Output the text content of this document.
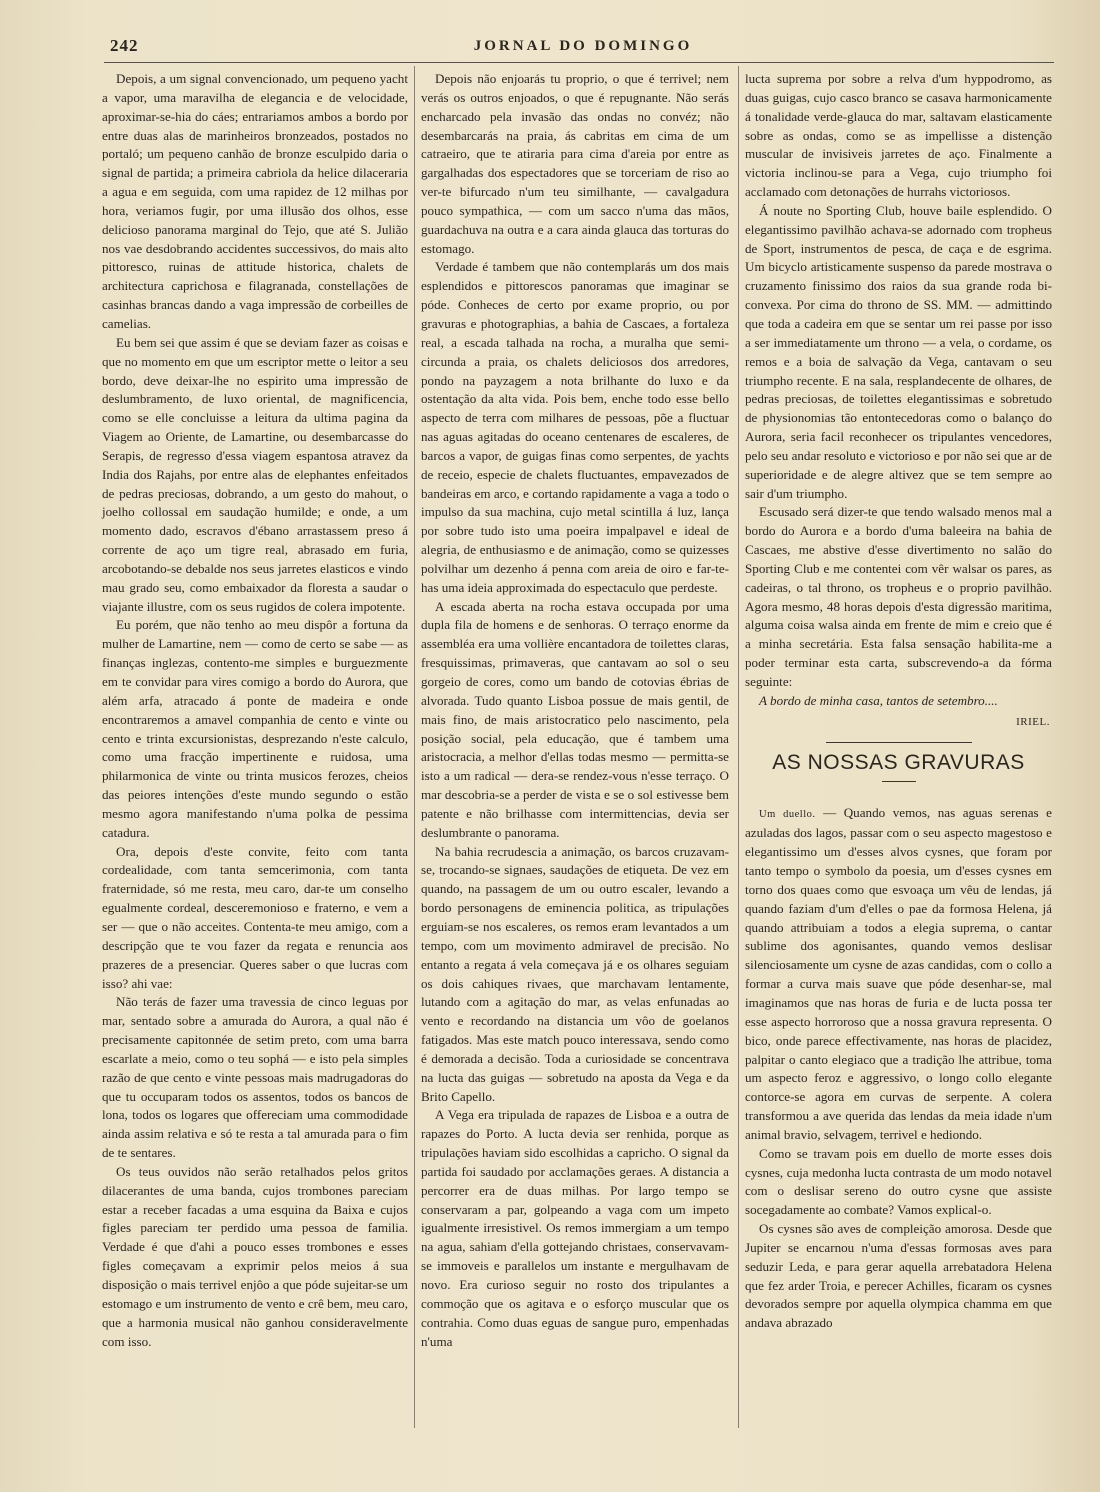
242	JORNAL DO DOMINGO

Depois, a um signal convencionado, um pequeno yacht a vapor, uma maravilha de elegancia e de velocidade, aproximar-se-hia do cáes; entrariamos ambos a bordo por entre duas alas de marinheiros bronzeados, postados no portaló; um pequeno canhão de bronze esculpido daria o signal de partida; a primeira cabriola da helice dilaceraria a agua e em seguida, com uma rapidez de 12 milhas por hora, veriamos fugir, por uma illusão dos olhos, esse delicioso panorama marginal do Tejo, que até S. Julião nos vae desdobrando accidentes successivos, do mais alto pittoresco, ruinas de attitude historica, chalets de architectura caprichosa e filagranada, constellações de casinhas brancas dando a vaga impressão de corbeilles de camelias.

Eu bem sei que assim é que se deviam fazer as coisas e que no momento em que um escriptor mette o leitor a seu bordo, deve deixar-lhe no espirito uma impressão de deslumbramento, de luxo oriental, de magnificencia, como se elle concluisse a leitura da ultima pagina da Viagem ao Oriente, de Lamartine, ou desembarcasse do Serapis, de regresso d'essa viagem espantosa atravez da India dos Rajahs, por entre alas de elephantes enfeitados de pedras preciosas, dobrando, a um gesto do mahout, o joelho collossal em saudação humilde; e onde, a um momento dado, escravos d'ébano arrastassem preso á corrente de aço um tigre real, abrasado em furia, arcobotando-se debalde nos seus jarretes elasticos e vindo mau grado seu, como embaixador da floresta a saudar o viajante illustre, com os seus rugidos de colera impotente.

Eu porém, que não tenho ao meu dispôr a fortuna da mulher de Lamartine, nem — como de certo se sabe — as finanças inglezas, contento-me simples e burguezmente em te convidar para vires comigo a bordo do Aurora, que além arfa, atracado á ponte de madeira e onde encontraremos a amavel companhia de cento e vinte ou cento e trinta excursionistas, desprezando n'este calculo, como uma fracção impertinente e ruidosa, uma philarmonica de vinte ou trinta musicos ferozes, cheios das peiores intenções d'este mundo segundo o estão mesmo agora manifestando n'uma polka de pessima catadura.

Ora, depois d'este convite, feito com tanta cordealidade, com tanta semcerimonia, com tanta fraternidade, só me resta, meu caro, dar-te um conselho egualmente cordeal, desceremonioso e fraterno, e vem a ser — que o não acceites. Contenta-te meu amigo, com a descripção que te vou fazer da regata e renuncia aos prazeres de a presenciar. Queres saber o que lucras com isso? ahi vae:

Não terás de fazer uma travessia de cinco leguas por mar, sentado sobre a amurada do Aurora, a qual não é precisamente capitonnée de setim preto, com uma barra escarlate a meio, como o teu sophá — e isto pela simples razão de que cento e vinte pessoas mais madrugadoras do que tu occuparam todos os assentos, todos os bancos de lona, todos os logares que offereciam uma commodidade ainda assim relativa e só te resta a tal amurada para o fim de te sentares.

Os teus ouvidos não serão retalhados pelos gritos dilacerantes de uma banda, cujos trombones pareciam estar a receber facadas a uma esquina da Baixa e cujos figles pareciam ter perdido uma pessoa de familia. Verdade é que d'ahi a pouco esses trombones e esses figles começavam a exprimir pelos meios á sua disposição o mais terrivel enjôo a que póde sujeitar-se um estomago e um instrumento de vento e crê bem, meu caro, que a harmonia musical não ganhou consideravelmente com isso.

Depois não enjoarás tu proprio, o que é terrivel; nem verás os outros enjoados, o que é repugnante. Não serás encharcado pela invasão das ondas no convéz; não desembarcarás na praia, ás cabritas em cima de um catraeiro, que te atiraria para cima d'areia por entre as gargalhadas dos espectadores que se torceriam de riso ao ver-te bifurcado n'um teu similhante, — cavalgadura pouco sympathica, — com um sacco n'uma das mãos, guardachuva na outra e a cara ainda glauca das torturas do estomago.

Verdade é tambem que não contemplarás um dos mais esplendidos e pittorescos panoramas que imaginar se póde. Conheces de certo por exame proprio, ou por gravuras e photographias, a bahia de Cascaes, a fortaleza real, a escada talhada na rocha, a muralha que semi-circunda a praia, os chalets deliciosos dos arredores, pondo na payzagem a nota brilhante do luxo e da ostentação da alta vida. Pois bem, enche todo esse bello aspecto de terra com milhares de pessoas, põe a fluctuar nas aguas agitadas do oceano centenares de escaleres, de barcos a vapor, de guigas finas como serpentes, de yachts de receio, especie de chalets fluctuantes, empavezados de bandeiras em arco, e cortando rapidamente a vaga a todo o impulso da sua machina, cujo metal scintilla á luz, lança por sobre tudo isto uma poeira impalpavel e ideal de alegria, de enthusiasmo e de animação, como se quizesses polvilhar um dezenho á penna com areia de oiro e far-te-has uma ideia approximada do espectaculo que perdeste.

A escada aberta na rocha estava occupada por uma dupla fila de homens e de senhoras. O terraço enorme da assembléa era uma vollière encantadora de toilettes claras, fresquissimas, primaveras, que cantavam ao sol o seu gorgeio de cores, como um bando de cotovias ébrias de alvorada. Tudo quanto Lisboa possue de mais gentil, de mais fino, de mais aristocratico pelo nascimento, pela posição social, pela educação, que é tambem uma aristocracia, a melhor d'ellas todas mesmo — permitta-se isto a um radical — dera-se rendez-vous n'esse terraço. O mar descobria-se a perder de vista e se o sol estivesse bem patente e não brilhasse com intermittencias, devia ser deslumbrante o panorama.

Na bahia recrudescia a animação, os barcos cruzavam-se, trocando-se signaes, saudações de etiqueta. De vez em quando, na passagem de um ou outro escaler, levando a bordo personagens de eminencia politica, as tripulações erguiam-se nos escaleres, os remos eram levantados a um tempo, com um movimento admiravel de precisão. No entanto a regata á vela começava já e os olhares seguiam os dois cahiques rivaes, que marchavam lentamente, lutando com a agitação do mar, as velas enfunadas ao vento e recordando na distancia um vôo de goelanos fatigados. Mas este match pouco interessava, sendo como é demorada a decisão. Toda a curiosidade se concentrava na lucta das guigas — sobretudo na aposta da Vega e da Brito Capello.

A Vega era tripulada de rapazes de Lisboa e a outra de rapazes do Porto. A lucta devia ser renhida, porque as tripulações haviam sido escolhidas a capricho. O signal da partida foi saudado por acclamações geraes. A distancia a percorrer era de duas milhas. Por largo tempo se conservaram a par, golpeando a vaga com um impeto igualmente irresistivel. Os remos immergiam a um tempo na agua, sahiam d'ella gottejando christaes, conservavam-se immoveis e parallelos um instante e mergulhavam de novo. Era curioso seguir no rosto dos tripulantes a commoção que os agitava e o esforço muscular que os contrahia. Como duas eguas de sangue puro, empenhadas n'uma

lucta suprema por sobre a relva d'um hyppodromo, as duas guigas, cujo casco branco se casava harmonicamente á tonalidade verde-glauca do mar, saltavam elasticamente sobre as ondas, como se as impellisse a distenção muscular de invisiveis jarretes de aço. Finalmente a victoria inclinou-se para a Vega, cujo triumpho foi acclamado com detonações de hurrahs victoriosos.

Á noute no Sporting Club, houve baile esplendido. O elegantissimo pavilhão achava-se adornado com tropheus de Sport, instrumentos de pesca, de caça e de esgrima. Um bicyclo artisticamente suspenso da parede mostrava o cruzamento finissimo dos raios da sua grande roda bi-convexa. Por cima do throno de SS. MM. — admittindo que toda a cadeira em que se sentar um rei passe por isso a ser immediatamente um throno — a vela, o cordame, os remos e a boia de salvação da Vega, cantavam o seu triumpho recente. E na sala, resplandecente de olhares, de pedras preciosas, de toilettes elegantissimas e sobretudo de physionomias tão entontecedoras como o balanço do Aurora, seria facil reconhecer os tripulantes vencedores, pelo seu andar resoluto e victorioso e por não sei que ar de superioridade e de alegre altivez que se tem sempre ao sair d'um triumpho.

Escusado será dizer-te que tendo walsado menos mal a bordo do Aurora e a bordo d'uma baleeira na bahia de Cascaes, me abstive d'esse divertimento no salão do Sporting Club e me contentei com vêr walsar os pares, as cadeiras, o tal throno, os tropheus e o proprio pavilhão. Agora mesmo, 48 horas depois d'esta digressão maritima, alguma coisa walsa ainda em frente de mim e creio que é a minha secretária. Esta falsa sensação habilita-me a poder terminar esta carta, subscrevendo-a da fórma seguinte:

A bordo de minha casa, tantos de setembro....

IRIEL.
AS NOSSAS GRAVURAS

Um duello. — Quando vemos, nas aguas serenas e azuladas dos lagos, passar com o seu aspecto magestoso e elegantissimo um d'esses alvos cysnes, que foram por tanto tempo o symbolo da poesia, um d'esses cysnes em torno dos quaes como que esvoaça um vêu de lendas, já quando faziam d'um d'elles o pae da formosa Helena, já quando attribuiam a todos a elegia suprema, o cantar sublime dos agonisantes, quando vemos deslisar silenciosamente um cysne de azas candidas, com o collo a formar a curva mais suave que póde desenhar-se, mal imaginamos que nas horas de furia e de lucta possa ter esse aspecto horroroso que a nossa gravura representa. O bico, onde parece effectivamente, nas horas de placidez, palpitar o canto elegiaco que a tradição lhe attribue, toma um aspecto feroz e aggressivo, o longo collo elegante contorce-se agora em curvas de serpente. A colera transformou a ave querida das lendas da meia idade n'um animal bravio, selvagem, terrivel e hediondo.

Como se travam pois em duello de morte esses dois cysnes, cuja medonha lucta contrasta de um modo notavel com o deslisar sereno do outro cysne que assiste socegadamente ao combate? Vamos explical-o.

Os cysnes são aves de compleição amorosa. Desde que Jupiter se encarnou n'uma d'essas formosas aves para seduzir Leda, e para gerar aquella arrebatadora Helena que fez arder Troia, e perecer Achilles, ficaram os cysnes devorados sempre por aquella olympica chamma em que andava abrazado
